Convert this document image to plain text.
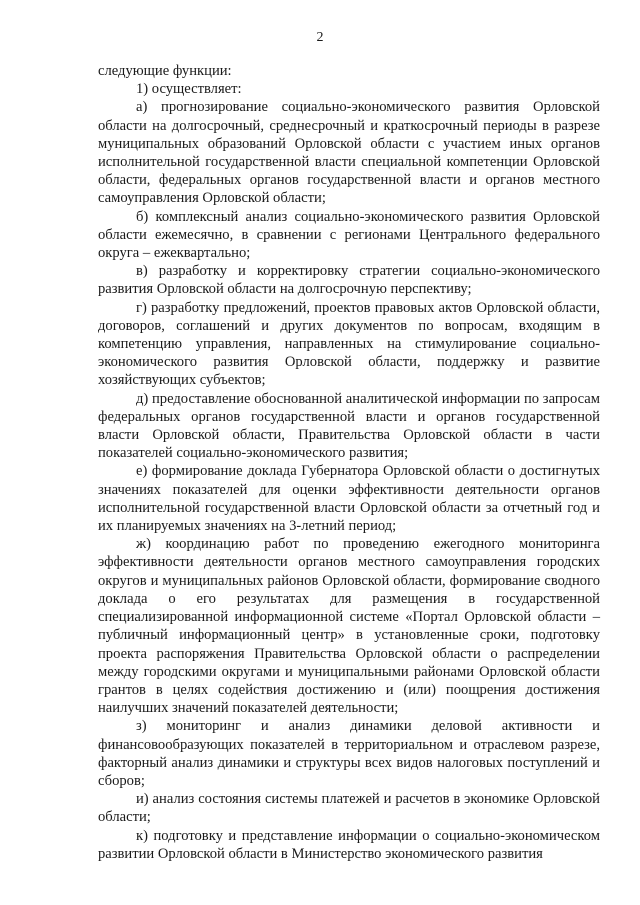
2

следующие функции:

1) осуществляет:

а) прогнозирование социально-экономического развития Орловской области на долгосрочный, среднесрочный и краткосрочный периоды в разрезе муниципальных образований Орловской области с участием иных органов исполнительной государственной власти специальной компетенции Орловской области, федеральных органов государственной власти и органов местного самоуправления Орловской области;

б) комплексный анализ социально-экономического развития Орловской области ежемесячно, в сравнении с регионами Центрального федерального округа – ежеквартально;

в) разработку и корректировку стратегии социально-экономического развития Орловской области на долгосрочную перспективу;

г) разработку предложений, проектов правовых актов Орловской области, договоров, соглашений и других документов по вопросам, входящим в компетенцию управления, направленных на стимулирование социально-экономического развития Орловской области, поддержку и развитие хозяйствующих субъектов;

д) предоставление обоснованной аналитической информации по запросам федеральных органов государственной власти и органов государственной власти Орловской области, Правительства Орловской области в части показателей социально-экономического развития;

е) формирование доклада Губернатора Орловской области о достигнутых значениях показателей для оценки эффективности деятельности органов исполнительной государственной власти Орловской области за отчетный год и их планируемых значениях на 3-летний период;

ж) координацию работ по проведению ежегодного мониторинга эффективности деятельности органов местного самоуправления городских округов и муниципальных районов Орловской области, формирование сводного доклада о его результатах для размещения в государственной специализированной информационной системе «Портал Орловской области – публичный информационный центр» в установленные сроки, подготовку проекта распоряжения Правительства Орловской области о распределении между городскими округами и муниципальными районами Орловской области грантов в целях содействия достижению и (или) поощрения достижения наилучших значений показателей деятельности;

з) мониторинг и анализ динамики деловой активности и финансовообразующих показателей в территориальном и отраслевом разрезе, факторный анализ динамики и структуры всех видов налоговых поступлений и сборов;

и) анализ состояния системы платежей и расчетов в экономике Орловской области;

к) подготовку и представление информации о социально-экономическом развитии Орловской области в Министерство экономического развития
